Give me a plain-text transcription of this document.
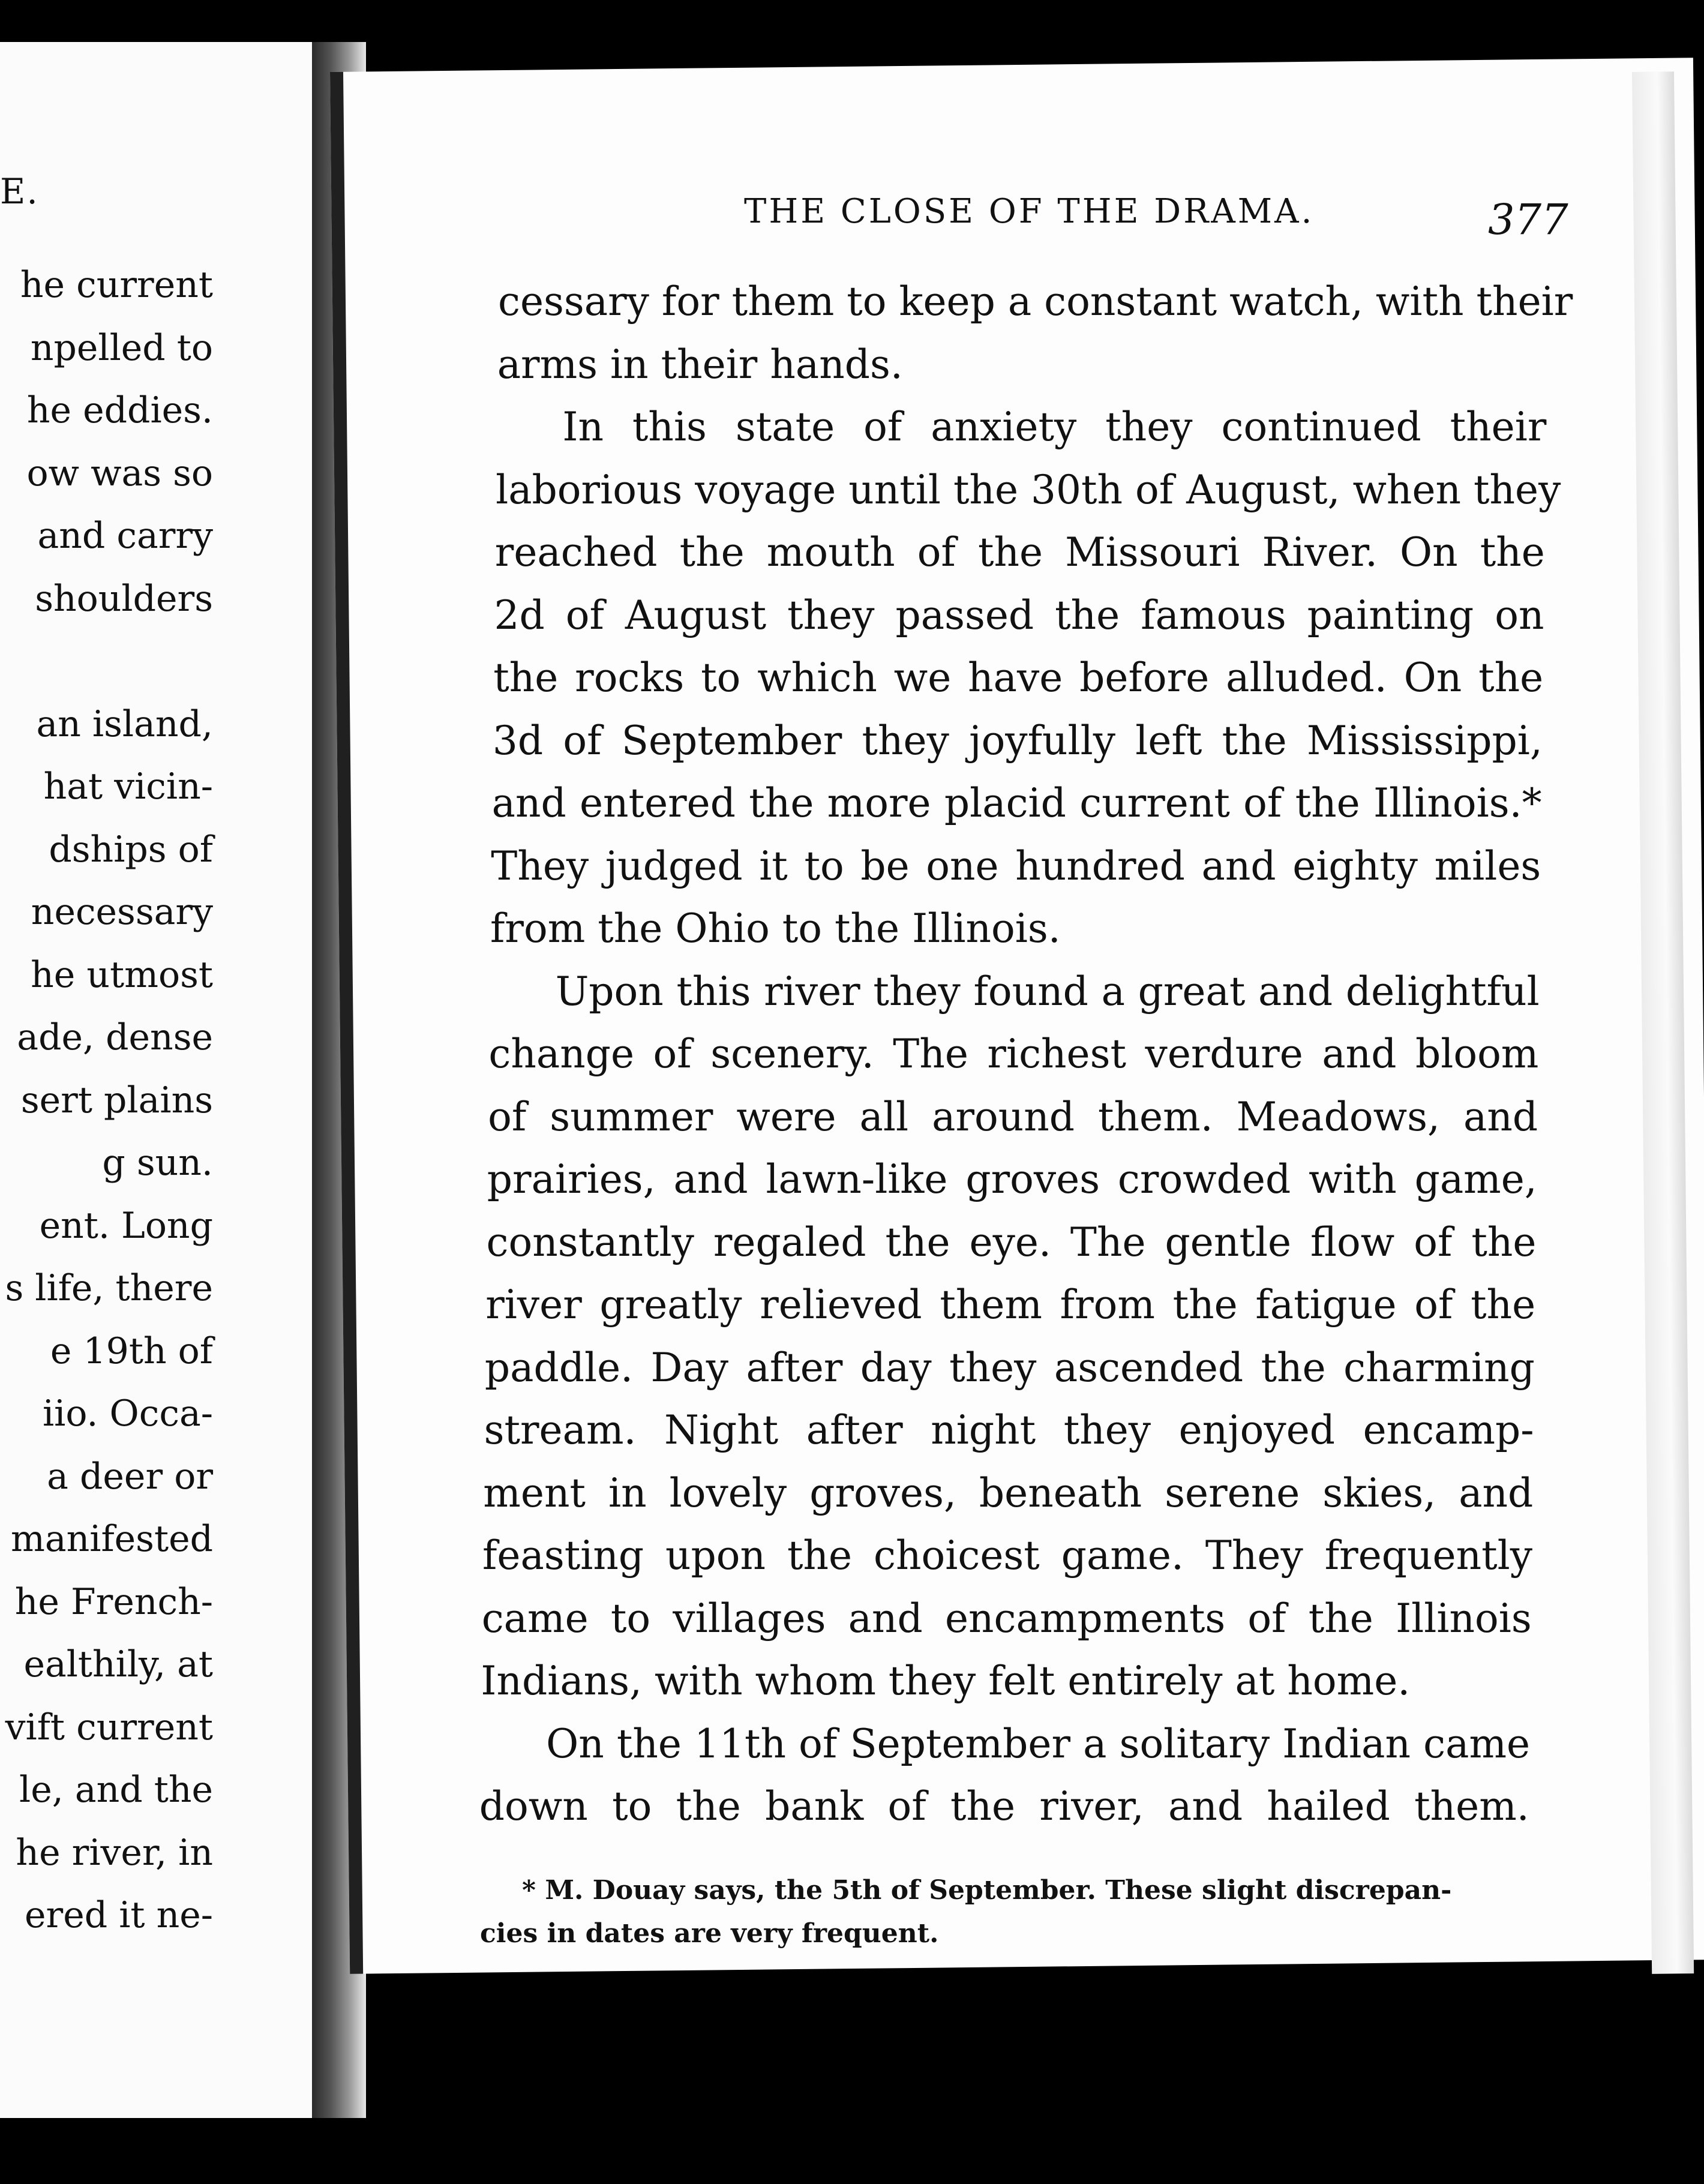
E.
he current
npelled to
he eddies.
ow was so
and carry
shoulders
an island,
hat vicin-
dships of
necessary
he utmost
ade, dense
sert plains
g sun.
ent. Long
s life, there
e 19th of
iio. Occa-
a deer or
manifested
he French-
ealthily, at
vift current
le, and the
he river, in
ered it ne-
THE CLOSE OF THE DRAMA.	377
cessary for them to keep a constant watch, with their
arms in their hands.
In this state of anxiety they continued their
laborious voyage until the 30th of August, when they
reached the mouth of the Missouri River. On the
2d of August they passed the famous painting on
the rocks to which we have before alluded. On the
3d of September they joyfully left the Mississippi,
and entered the more placid current of the Illinois.*
They judged it to be one hundred and eighty miles
from the Ohio to the Illinois.
Upon this river they found a great and delightful
change of scenery. The richest verdure and bloom
of summer were all around them. Meadows, and
prairies, and lawn-like groves crowded with game,
constantly regaled the eye. The gentle flow of the
river greatly relieved them from the fatigue of the
paddle. Day after day they ascended the charming
stream. Night after night they enjoyed encamp-
ment in lovely groves, beneath serene skies, and
feasting upon the choicest game. They frequently
came to villages and encampments of the Illinois
Indians, with whom they felt entirely at home.
On the 11th of September a solitary Indian came
down to the bank of the river, and hailed them.
* M. Douay says, the 5th of September. These slight discrepan-
cies in dates are very frequent.
